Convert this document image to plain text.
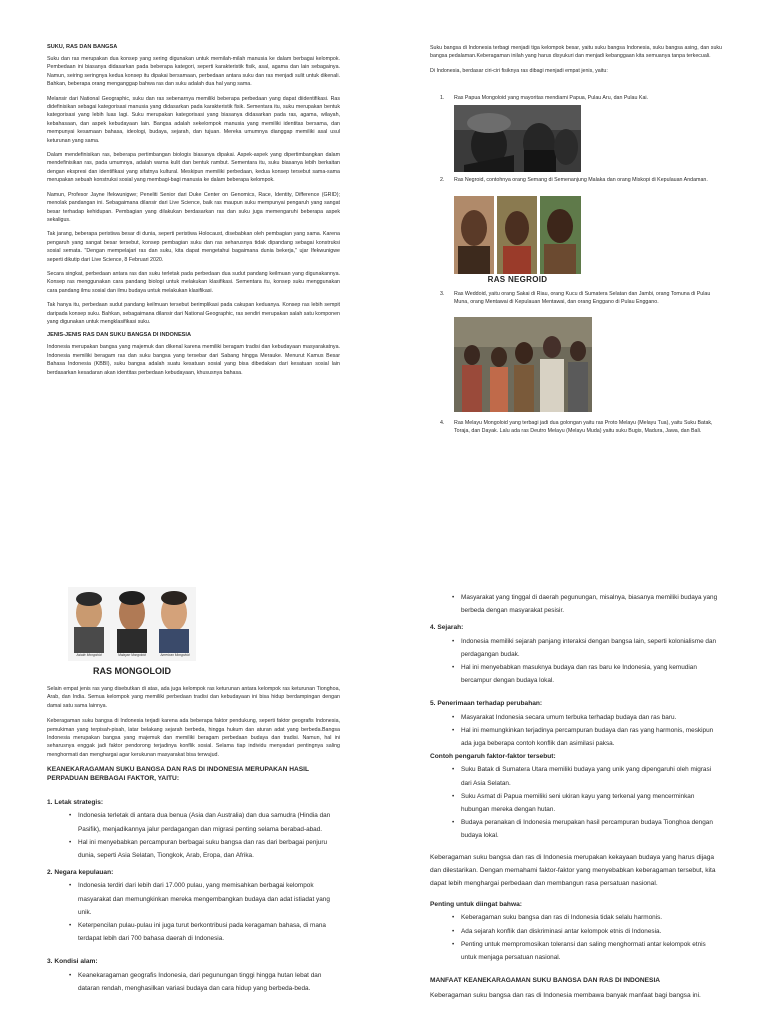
SUKU, RAS DAN BANGSA

Suku dan ras merupakan dua konsep yang sering digunakan untuk memilah-milah manusia ke dalam berbagai kelompok. Pembedaan ini biasanya didasarkan pada beberapa kategori, seperti karakteristik fisik, asal, agama dan lain sebagainya. Namun, seiring seringnya kedua konsep itu dipakai bersamaan, perbedaan antara suku dan ras menjadi sulit untuk dikenali. Bahkan, beberapa orang menganggap bahwa ras dan suku adalah dua hal yang sama.

Melansir dari National Geographic, suku dan ras sebenarnya memiliki beberapa perbedaan yang dapat diidentifikasi. Ras didefinisikan sebagai kategorisasi manusia yang didasarkan pada karakteristik fisik. Sementara itu, suku merupakan bentuk kategorisasi yang lebih luas lagi. Suku merupakan kategorisasi yang biasanya didasarkan pada ras, agama, wilayah, kebahasaan, dan aspek kebudayaan lain. Bangsa adalah sekelompok manusia yang memiliki identitas bersama, dan mempunyai kesamaan bahasa, ideologi, budaya, sejarah, dan tujuan. Mereka umumnya dianggap memiliki asal usul keturunan yang sama.

Dalam mendefinisikan ras, beberapa pertimbangan biologis biasanya dipakai. Aspek-aspek yang dipertimbangkan dalam mendefinisikan ras, pada umumnya, adalah warna kulit dan bentuk rambut. Sementara itu, suku biasanya lebih berkaitan dengan ekspresi dan identifikasi yang sifatnya kultural. Meskipun memiliki perbedaan, kedua konsep tersebut sama-sama merupakan sebuah konstruksi sosial yang membagi-bagi manusia ke dalam beberapa kelompok.

Namun, Profesor Jayne Ifekwunigwe; Peneliti Senior dari Duke Center on Genomics, Race, Identity, Difference (GRID); menolak pandangan ini. Sebagaimana dilansir dari Live Science, baik ras maupun suku mempunyai pengaruh yang sangat besar terhadap kehidupan. Pembagian yang dilakukan berdasarkan ras dan suku juga memengaruhi beberapa aspek sekaligus.

Tak jarang, beberapa peristiwa besar di dunia, seperti peristiwa Holocaust, disebabkan oleh pembagian yang sama. Karena pengaruh yang sangat besar tersebut, konsep pembagian suku dan ras seharusnya tidak dipandang sebagai konstruksi sosial semata. "Dengan mempelajari ras dan suku, kita dapat mengetahui bagaimana dunia bekerja," ujar Ifekwunigwe seperti dikutip dari Live Science, 8 Februari 2020.

Secara singkat, perbedaan antara ras dan suku terletak pada perbedaan dua sudut pandang keilmuan yang digunakannya. Konsep ras menggunakan cara pandang biologi untuk melakukan klasifikasi. Sementara itu, konsep suku menggunakan cara pandang ilmu sosial dan ilmu budaya untuk melakukan klasifikasi.

Tak hanya itu, perbedaan sudut pandang keilmuan tersebut berimplikasi pada cakupan keduanya. Konsep ras lebih sempit daripada konsep suku. Bahkan, sebagaimana dilansir dari National Geographic, ras sendiri merupakan salah satu komponen yang digunakan untuk mengklasifikasi suku.

JENIS-JENIS RAS DAN SUKU BANGSA DI INDONESIA

Indonesia merupakan bangsa yang majemuk dan dikenal karena memiliki beragam tradisi dan kebudayaan masyarakatnya. Indonesia memiliki beragam ras dan suku bangsa yang tersebar dari Sabang hingga Merauke. Menurut Kamus Besar Bahasa Indonesia (KBBI), suku bangsa adalah suatu kesatuan sosial yang bisa dibedakan dari kesatuan sosial lain berdasarkan kesadaran akan identitas perbedaan kebudayaan, khususnya bahasa.

Suku bangsa di Indonesia terbagi menjadi tiga kelompok besar, yaitu suku bangsa Indonesia, suku bangsa asing, dan suku bangsa pedalaman.Keberagaman inilah yang harus disyukuri dan menjadi kebanggaan kita semuanya tanpa terkecuali.

Di Indonesia, berdasar ciri-ciri fisiknya ras dibagi menjadi empat jenis, yaitu:

1. Ras Papua Mongoloid yang mayoritas mendiami Papua, Pulau Aru, dan Pulau Kai.
2. Ras Negroid, contohnya orang Semang di Semenanjung Malaka dan orang Miskopi di Kepulauan Andaman.
RAS NEGROID
3. Ras Weddoid, yaitu orang Sakai di Riau, orang Kucu di Sumatera Selatan dan Jambi, orang Tomuna di Pulau Muna, orang Mentawai di Kepulauan Mentawai, dan orang Enggano di Pulau Enggano.
4. Ras Melayu Mongoloid yang terbagi jadi dua golongan yaitu ras Proto Melayu (Melayu Tua), yaitu Suku Batak, Toraja, dan Dayak. Lalu ada ras Deutro Melayu (Melayu Muda) yaitu suku Bugis, Madura, Jawa, dan Bali.
Asiatic Mongoloid	Malayan Mongoloid	American Mongoloid
RAS MONGOLOID

Selain empat jenis ras yang disebutkan di atas, ada juga kelompok ras keturunan antara kelompok ras keturunan Tionghoa, Arab, dan India. Semua kelompok yang memiliki perbedaan tradisi dan kebudayaan ini bisa hidup berdampingan dengan damai satu sama lainnya.

Keberagaman suku bangsa di Indonesia terjadi karena ada beberapa faktor pendukung, seperti faktor geografis Indonesia, pemukiman yang terpisah-pisah, latar belakang sejarah berbeda, hingga hukum dan aturan adat yang berbeda.Bangsa Indonesia merupakan bangsa yang majemuk dan memiliki beragam perbedaan budaya dan tradisi. Namun, hal ini seharusnya enggak jadi faktor pendorong terjadinya konflik sosial. Selama tiap individu menyadari pentingnya saling menghormati dan menghargai agar kerukunan masyarakat bisa terwujud.

KEANEKARAGAMAN SUKU BANGSA DAN RAS DI INDONESIA MERUPAKAN HASIL PERPADUAN BERBAGAI FAKTOR, YAITU:
1. Letak strategis:
• Indonesia terletak di antara dua benua (Asia dan Australia) dan dua samudra (Hindia dan Pasifik), menjadikannya jalur perdagangan dan migrasi penting selama berabad-abad.
• Hal ini menyebabkan percampuran berbagai suku bangsa dan ras dari berbagai penjuru dunia, seperti Asia Selatan, Tiongkok, Arab, Eropa, dan Afrika.
2. Negara kepulauan:
• Indonesia terdiri dari lebih dari 17.000 pulau, yang memisahkan berbagai kelompok masyarakat dan memungkinkan mereka mengembangkan budaya dan adat istiadat yang unik.
• Keterpencilan pulau-pulau ini juga turut berkontribusi pada keragaman bahasa, di mana terdapat lebih dari 700 bahasa daerah di Indonesia.
3. Kondisi alam:
• Keanekaragaman geografis Indonesia, dari pegunungan tinggi hingga hutan lebat dan dataran rendah, menghasilkan variasi budaya dan cara hidup yang berbeda-beda.
• Masyarakat yang tinggal di daerah pegunungan, misalnya, biasanya memiliki budaya yang berbeda dengan masyarakat pesisir.
4. Sejarah:
• Indonesia memiliki sejarah panjang interaksi dengan bangsa lain, seperti kolonialisme dan perdagangan budak.
• Hal ini menyebabkan masuknya budaya dan ras baru ke Indonesia, yang kemudian bercampur dengan budaya lokal.
5. Penerimaan terhadap perubahan:
• Masyarakat Indonesia secara umum terbuka terhadap budaya dan ras baru.
• Hal ini memungkinkan terjadinya percampuran budaya dan ras yang harmonis, meskipun ada juga beberapa contoh konflik dan asimilasi paksa.
Contoh pengaruh faktor-faktor tersebut:
• Suku Batak di Sumatera Utara memiliki budaya yang unik yang dipengaruhi oleh migrasi dari Asia Selatan.
• Suku Asmat di Papua memiliki seni ukiran kayu yang terkenal yang mencerminkan hubungan mereka dengan hutan.
• Budaya peranakan di Indonesia merupakan hasil percampuran budaya Tionghoa dengan budaya lokal.

Keberagaman suku bangsa dan ras di Indonesia merupakan kekayaan budaya yang harus dijaga dan dilestarikan. Dengan memahami faktor-faktor yang menyebabkan keberagaman tersebut, kita dapat lebih menghargai perbedaan dan membangun rasa persatuan nasional.

Penting untuk diingat bahwa:
• Keberagaman suku bangsa dan ras di Indonesia tidak selalu harmonis.
• Ada sejarah konflik dan diskriminasi antar kelompok etnis di Indonesia.
• Penting untuk mempromosikan toleransi dan saling menghormati antar kelompok etnis untuk menjaga persatuan nasional.
MANFAAT KEANEKARAGAMAN SUKU BANGSA DAN RAS DI INDONESIA

Keberagaman suku bangsa dan ras di Indonesia membawa banyak manfaat bagi bangsa ini.
